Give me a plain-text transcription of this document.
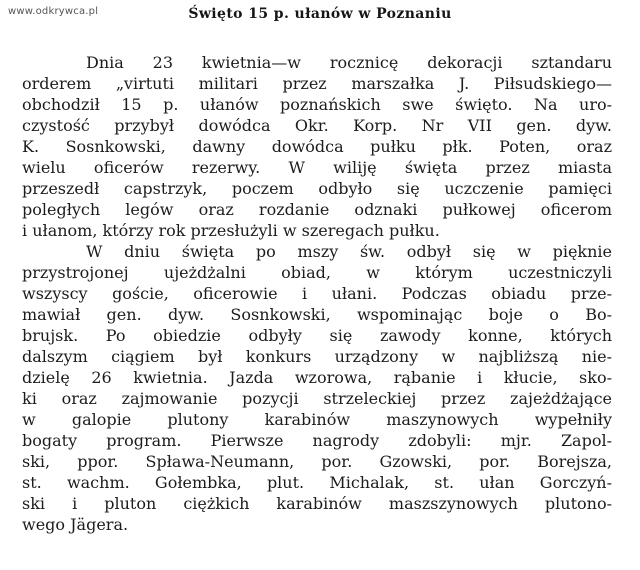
www.odkrywca.pl	Święto 15 p. ułanów w Poznaniu
Dnia 23 kwietnia—w rocznicę dekoracji sztandaru
orderem „virtuti militari przez marszałka J. Piłsudskiego—
obchodził 15 p. ułanów poznańskich swe święto. Na uro-
czystość przybył dowódca Okr. Korp. Nr VII gen. dyw.
K. Sosnkowski, dawny dowódca pułku płk. Poten, oraz
wielu oficerów rezerwy. W wiliję święta przez miasta
przeszedł capstrzyk, poczem odbyło się uczczenie pamięci
poległych legów oraz rozdanie odznaki pułkowej oficerom
i ułanom, którzy rok przesłużyli w szeregach pułku.
W dniu święta po mszy św. odbył się w pięknie
przystrojonej ujeżdżalni obiad, w którym uczestniczyli
wszyscy goście, oficerowie i ułani. Podczas obiadu prze-
mawiał gen. dyw. Sosnkowski, wspominając boje o Bo-
brujsk. Po obiedzie odbyły się zawody konne, których
dalszym ciągiem był konkurs urządzony w najbliższą nie-
dzielę 26 kwietnia. Jazda wzorowa, rąbanie i kłucie, sko-
ki oraz zajmowanie pozycji strzeleckiej przez zajeżdżające
w galopie plutony karabinów maszynowych wypełniły
bogaty program. Pierwsze nagrody zdobyli: mjr. Zapol-
ski, ppor. Spława-Neumann, por. Gzowski, por. Borejsza,
st. wachm. Gołembka, plut. Michalak, st. ułan Gorczyń-
ski i pluton ciężkich karabinów maszszynowych plutono-
wego Jägera.
